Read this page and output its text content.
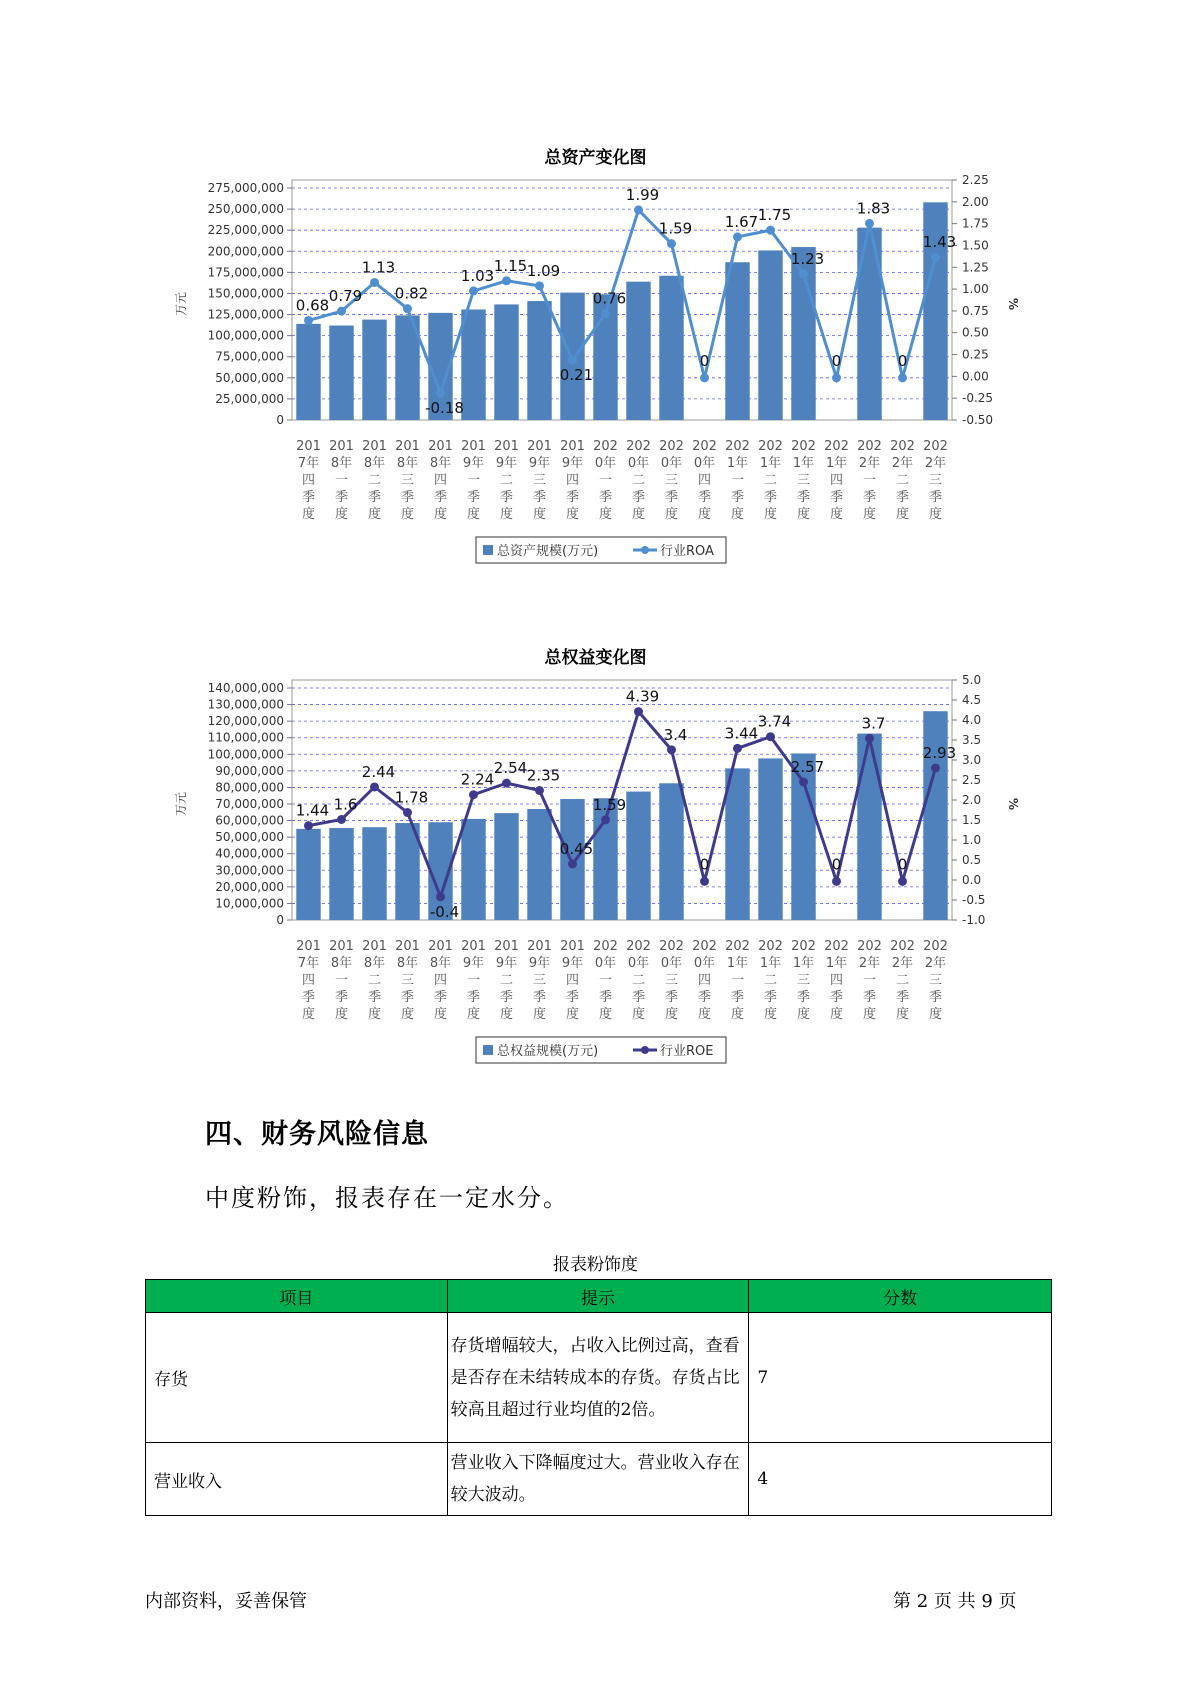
总资产变化图
275,000,000
250,000,000
225,000,000
200,000,000
175,000,000
150,000,000
125,000,000
100,000,000
75,000,000
50,000,000
25,000,000
0
2.25
2.00
1.75
1.50
1.25
1.00
0.75
0.50
0.25
0.00
-0.25
-0.50
万元	%
0.68
0.79
1.13
0.82
-0.18
1.03
1.15 1.09
0.21
0.76
1.99
1.59
0
1.67 1.75
1.23
0
1.83
0
1.43
201
7年
四
季
度
201
8年
一
季
度
201
8年
二
季
度
201
8年
三
季
度
201
8年
四
季
度
201
9年
一
季
度
201
9年
二
季
度
201
9年
三
季
度
201
9年
四
季
度
202
0年
一
季
度
202
0年
二
季
度
202
0年
三
季
度
202
0年
四
季
度
202
1年
一
季
度
202
1年
二
季
度
202
1年
三
季
度
202
1年
四
季
度
202
2年
一
季
度
202
2年
二
季
度
202
2年
三
季
度
总资产规模(万元)	行业ROA
总权益变化图
140,000,000
130,000,000
120,000,000
110,000,000
100,000,000
90,000,000
80,000,000
70,000,000
60,000,000
50,000,000
40,000,000
30,000,000
20,000,000
10,000,000
0
5.0
4.5
4.0
3.5
3.0
2.5
2.0
1.5
1.0
0.5
0.0
-0.5
-1.0
万元	%
1.44 1.6
2.44
1.78
-0.4
2.24
2.54 2.35
0.45
1.59
4.39
3.4
0
3.44
3.74
2.57
0
3.7
0
2.93
201
7年
四
季
度
201
8年
一
季
度
201
8年
二
季
度
201
8年
三
季
度
201
8年
四
季
度
201
9年
一
季
度
201
9年
二
季
度
201
9年
三
季
度
201
9年
四
季
度
202
0年
一
季
度
202
0年
二
季
度
202
0年
三
季
度
202
0年
四
季
度
202
1年
一
季
度
202
1年
二
季
度
202
1年
三
季
度
202
1年
四
季
度
202
2年
一
季
度
202
2年
二
季
度
202
2年
三
季
度
总权益规模(万元)	行业ROE
四、财务风险信息
中度粉饰，报表存在一定水分。
报表粉饰度
项目	提示	分数
存货	存货增幅较大，占收入比例过高，查看是否存在未结转成本的存货。存货占比较高且超过行业均值的2倍。	7
营业收入	营业收入下降幅度过大。营业收入存在较大波动。	4
内部资料，妥善保管	第 2 页 共 9 页
